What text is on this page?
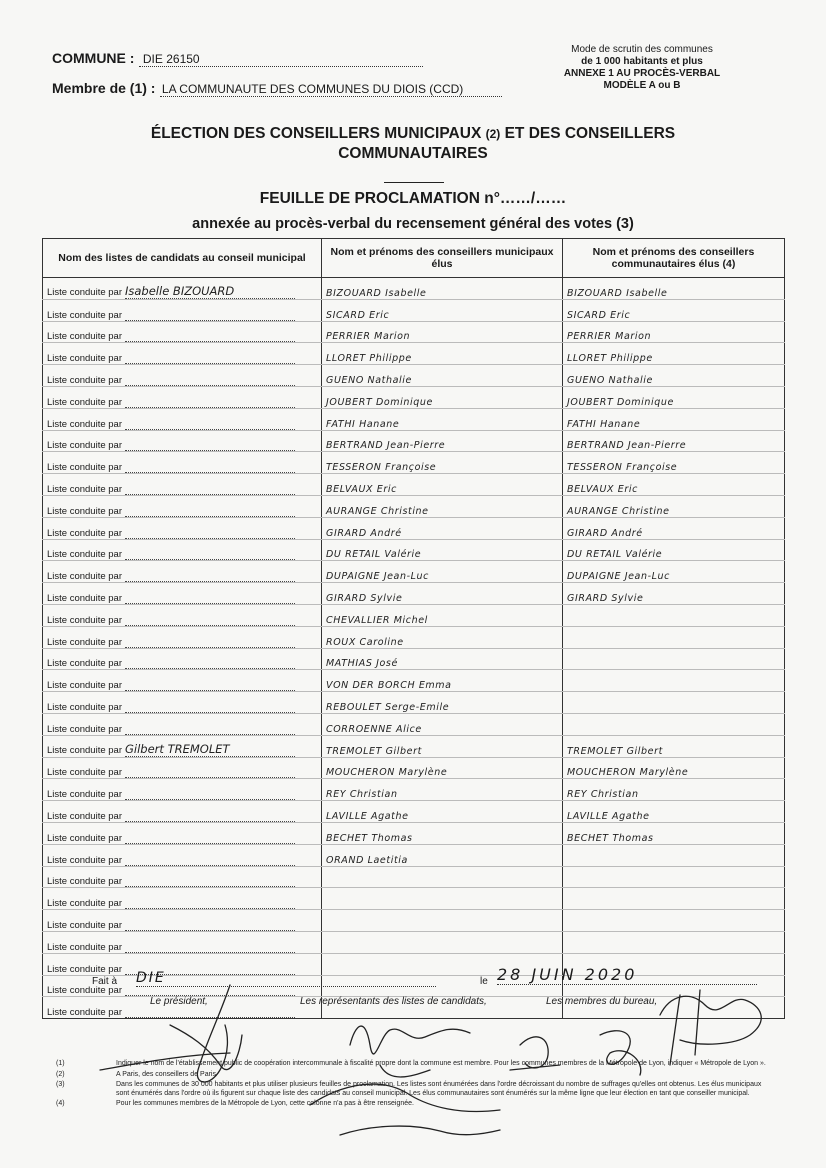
COMMUNE : DIE 26150
Membre de (1) : LA COMMUNAUTE DES COMMUNES DU DIOIS (CCD)
Mode de scrutin des communes
de 1 000 habitants et plus
ANNEXE 1 AU PROCÈS-VERBAL
MODÈLE A ou B
ÉLECTION DES CONSEILLERS MUNICIPAUX (2) ET DES CONSEILLERS
COMMUNAUTAIRES
FEUILLE DE PROCLAMATION n°……/……
annexée au procès-verbal du recensement général des votes (3)
Nom des listes de candidats au conseil municipal	Nom et prénoms des conseillers municipaux élus	Nom et prénoms des conseillers communautaires élus (4)
Liste conduite par Isabelle BIZOUARD	BIZOUARD Isabelle	BIZOUARD Isabelle
Liste conduite par	SICARD Eric	SICARD Eric
Liste conduite par	PERRIER Marion	PERRIER Marion
Liste conduite par	LLORET Philippe	LLORET Philippe
Liste conduite par	GUENO Nathalie	GUENO Nathalie
Liste conduite par	JOUBERT Dominique	JOUBERT Dominique
Liste conduite par	FATHI Hanane	FATHI Hanane
Liste conduite par	BERTRAND Jean-Pierre	BERTRAND Jean-Pierre
Liste conduite par	TESSERON Françoise	TESSERON Françoise
Liste conduite par	BELVAUX Eric	BELVAUX Eric
Liste conduite par	AURANGE Christine	AURANGE Christine
Liste conduite par	GIRARD André	GIRARD André
Liste conduite par	DU RETAIL Valérie	DU RETAIL Valérie
Liste conduite par	DUPAIGNE Jean-Luc	DUPAIGNE Jean-Luc
Liste conduite par	GIRARD Sylvie	GIRARD Sylvie
Liste conduite par	CHEVALLIER Michel	
Liste conduite par	ROUX Caroline	
Liste conduite par	MATHIAS José	
Liste conduite par	VON DER BORCH Emma	
Liste conduite par	REBOULET Serge-Emile	
Liste conduite par	CORROENNE Alice	
Liste conduite par Gilbert TREMOLET	TREMOLET Gilbert	TREMOLET Gilbert
Liste conduite par	MOUCHERON Marylène	MOUCHERON Marylène
Liste conduite par	REY Christian	REY Christian
Liste conduite par	LAVILLE Agathe	LAVILLE Agathe
Liste conduite par	BECHET Thomas	BECHET Thomas
Liste conduite par	ORAND Laetitia	
Liste conduite par		
Liste conduite par		
Liste conduite par		
Liste conduite par		
Liste conduite par		
Liste conduite par		
Liste conduite par		
Fait à DIE	le 28 JUIN 2020
Le président,	Les représentants des listes de candidats,	Les membres du bureau,
(1)	Indiquer le nom de l'établissement public de coopération intercommunale à fiscalité propre dont la commune est membre. Pour les communes membres de la Métropole de Lyon, indiquer « Métropole de Lyon ».
(2)	A Paris, des conseillers de Paris
(3)	Dans les communes de 30 000 habitants et plus utiliser plusieurs feuilles de proclamation. Les listes sont énumérées dans l'ordre décroissant du nombre de suffrages qu'elles ont obtenus. Les élus municipaux sont énumérés dans l'ordre où ils figurent sur chaque liste des candidats au conseil municipal. Les élus communautaires sont énumérés sur la même ligne que leur élection en tant que conseiller municipal.
(4)	Pour les communes membres de la Métropole de Lyon, cette colonne n'a pas à être renseignée.
